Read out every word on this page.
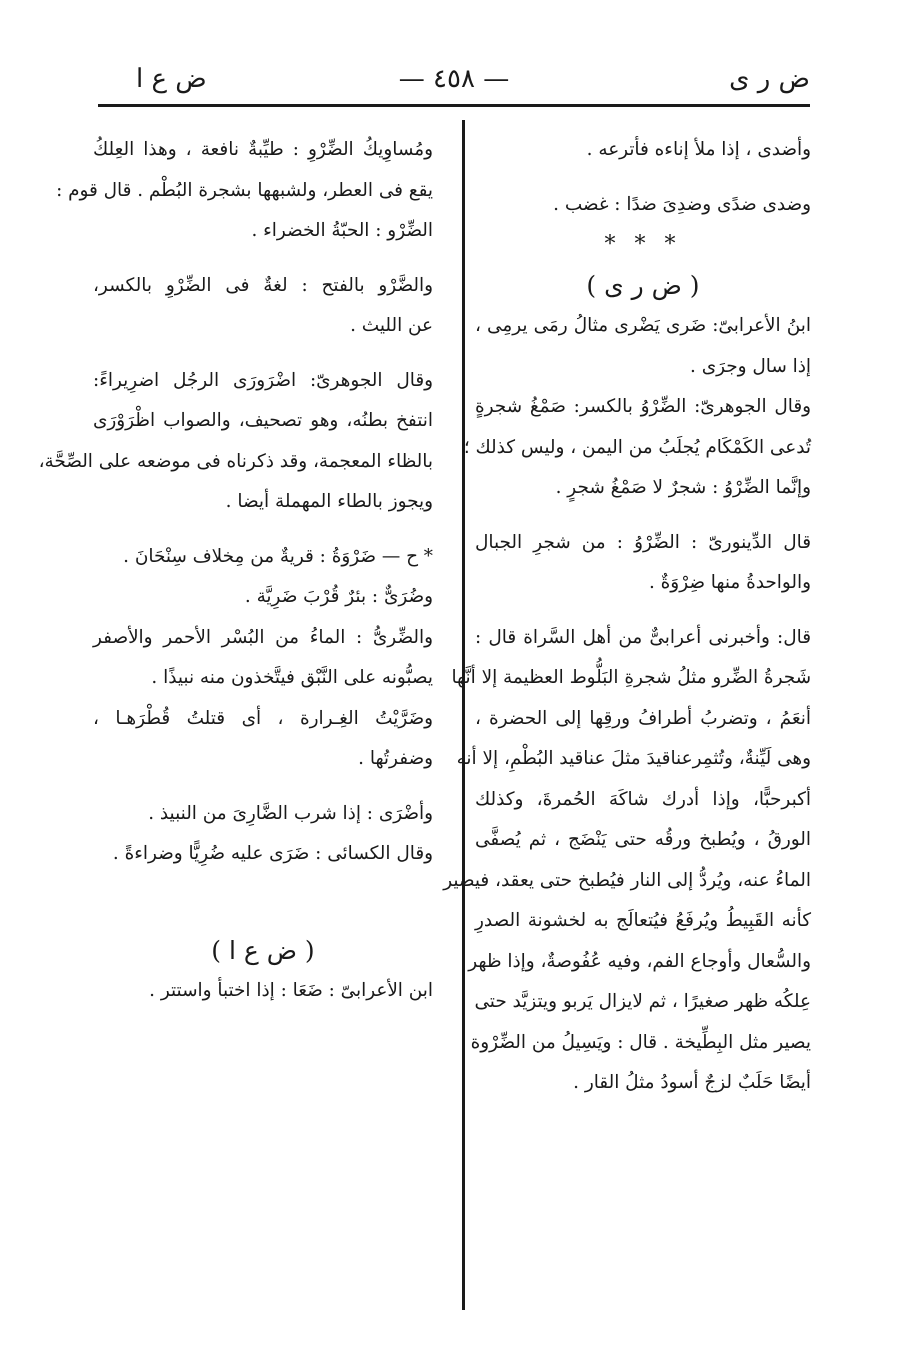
ض ر ى
— ٤٥٨ —
ض ع ا
وأضدى ، إذا ملأ إناءه فأترعه .
وضدى ضدًى وضدِىَ ضدًا : غضب .
* * *
( ض ر ى )
ابنُ الأعرابىّ: ضَرى يَضْرى مثالُ رمَى يرمِى ،
إذا سال وجرَى .
وقال الجوهرىّ: الضِّرْوُ بالكسر: صَمْغُ شجرةٍ
تُدعى الكَمْكَام يُجلَبُ من اليمن ، وليس كذلك ؛
وإنَّما الضِّرْوُ : شجرٌ لا صَمْغُ شجرٍ .
قال الدِّينورىّ : الضِّرْوُ : من شجرِ الجبال
والواحدةُ منها ضِرْوَةٌ .
قال: وأخبرنى أعرابىٌّ من أهل السَّراة قال :
شَجرةُ الضِّرو مثلُ شجرةِ البَلُّوط العظيمة إلا أنَّها
أنعَمُ ، وتضربُ أطرافُ ورقِها إلى الحضرة ،
وهى لَيِّنةٌ، وتُثمِرعناقيدَ مثلَ عناقيد البُطْمِ، إلا أنه
أكبرحبًّا، وإذا أدرك شاكَهَ الحُمرةَ، وكذلك
الورقُ ، ويُطبخ ورقُه حتى يَنْضَج ، ثم يُصفَّى
الماءُ عنه، ويُردُّ إلى النار فيُطبخ حتى يعقد، فيصير
كأنه القَبِيطُ ويُرفَعُ فيُتعالَج به لخشونة الصدرِ
والسُّعال وأوجاع الفم، وفيه عُفُوصةٌ، وإذا ظهر
عِلكُه ظهر صغيرًا ، ثم لايزال يَربو ويتزيَّد حتى
يصير مثل البِطِّيخة . قال : ويَسِيلُ من الضِّرْوة
أيضًا حَلَبٌ لزجٌ أسودُ مثلُ القار .
ومُساوِيكُ الضِّرْوِ : طيِّبةٌ نافعة ، وهذا العِلكُ
يقع فى العطر، ولشبهها بشجرة البُطْم . قال قوم :
الضِّرْو : الحبّةُ الخضراء .
والضَّرْو بالفتح : لغةٌ فى الضِّرْوِ بالكسر،
عن الليث .
وقال الجوهرىّ: اضْرَورَى الرجُل اضرِيراءً:
انتفخ بطنُه، وهو تصحيف، والصواب اظْرَوْرَى
بالظاء المعجمة، وقد ذكرناه فى موضعه على الصِّحَّة،
ويجوز بالطاء المهملة أيضا .
* ح — ضَرْوَةُ : قريةٌ من مِخلاف سِنْحَانَ .
وضُرَىٌّ : بئرٌ قُرْبَ ضَرِيَّة .
والضِّرىُّ : الماءُ من البُسْر الأحمر والأصفر
يصبُّونه على النَّبْق فيتَّخذون منه نبيذًا .
وضَرَّيْتُ الغِـرارة ، أى قتلتُ قُطْرَهـا ،
وضفرتُها .
وأضْرَى : إذا شرب الضَّارِىَ من النبيذ .
وقال الكسائى : ضَرَى عليه ضُرِيًّا وضراءةً .
( ض ع ا )
ابن الأعرابىّ : ضَعَا : إذا اختبأ واستتر .
